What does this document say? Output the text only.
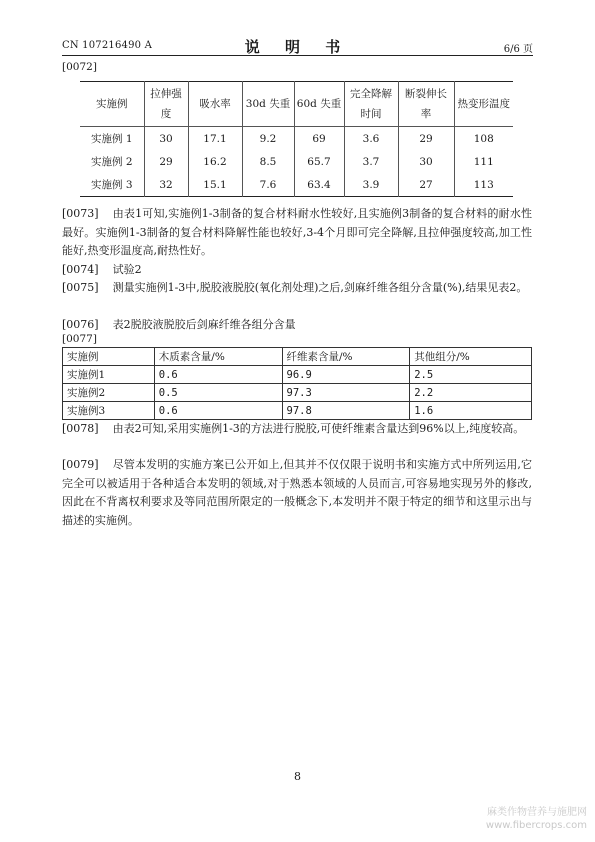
CN 107216490 A	说 明 书	6/6 页
[0072]
实施例	拉伸强度	吸水率	30d 失重	60d 失重	完全降解时间	断裂伸长率	热变形温度
实施例 1	30	17.1	9.2	69	3.6	29	108
实施例 2	29	16.2	8.5	65.7	3.7	30	111
实施例 3	32	15.1	7.6	63.4	3.9	27	113
[0073] 由表1可知,实施例1-3制备的复合材料耐水性较好,且实施例3制备的复合材料的耐水性最好。实施例1-3制备的复合材料降解性能也较好,3-4个月即可完全降解,且拉伸强度较高,加工性能好,热变形温度高,耐热性好。
[0074] 试验2
[0075] 测量实施例1-3中,脱胶液脱胶(氧化剂处理)之后,剑麻纤维各组分含量(%),结果见表2。
[0076] 表2脱胶液脱胶后剑麻纤维各组分含量
[0077]
实施例	木质素含量/%	纤维素含量/%	其他组分/%
实施例1	0.6	96.9	2.5
实施例2	0.5	97.3	2.2
实施例3	0.6	97.8	1.6
[0078] 由表2可知,采用实施例1-3的方法进行脱胶,可使纤维素含量达到96%以上,纯度较高。
[0079] 尽管本发明的实施方案已公开如上,但其并不仅仅限于说明书和实施方式中所列运用,它完全可以被适用于各种适合本发明的领域,对于熟悉本领域的人员而言,可容易地实现另外的修改,因此在不背离权利要求及等同范围所限定的一般概念下,本发明并不限于特定的细节和这里示出与描述的实施例。
8
麻类作物营养与施肥网
www.fibercrops.com
